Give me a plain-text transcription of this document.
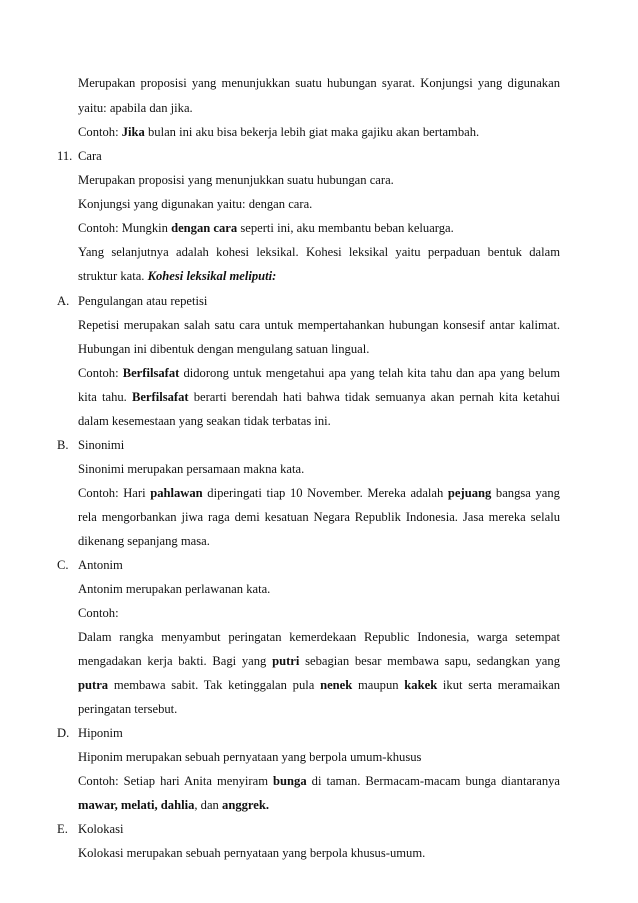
Merupakan proposisi yang menunjukkan suatu hubungan syarat. Konjungsi yang digunakan
yaitu: apabila dan jika.
Contoh: Jika bulan ini aku bisa bekerja lebih giat maka gajiku akan bertambah.
11. Cara
Merupakan proposisi yang menunjukkan suatu hubungan cara.
Konjungsi yang digunakan yaitu: dengan cara.
Contoh: Mungkin dengan cara seperti ini, aku membantu beban keluarga.
Yang selanjutnya adalah kohesi leksikal. Kohesi leksikal yaitu perpaduan bentuk dalam
struktur kata. Kohesi leksikal meliputi:
A. Pengulangan atau repetisi
Repetisi merupakan salah satu cara untuk mempertahankan hubungan konsesif antar kalimat.
Hubungan ini dibentuk dengan mengulang satuan lingual.
Contoh: Berfilsafat didorong untuk mengetahui apa yang telah kita tahu dan apa yang belum
kita tahu. Berfilsafat berarti berendah hati bahwa tidak semuanya akan pernah kita ketahui
dalam kesemestaan yang seakan tidak terbatas ini.
B. Sinonimi
Sinonimi merupakan persamaan makna kata.
Contoh: Hari pahlawan diperingati tiap 10 November. Mereka adalah pejuang bangsa yang
rela mengorbankan jiwa raga demi kesatuan Negara Republik Indonesia. Jasa mereka selalu
dikenang sepanjang masa.
C. Antonim
Antonim merupakan perlawanan kata.
Contoh:
Dalam rangka menyambut peringatan kemerdekaan Republic Indonesia, warga setempat
mengadakan kerja bakti. Bagi yang putri sebagian besar membawa sapu, sedangkan yang
putra membawa sabit. Tak ketinggalan pula nenek maupun kakek ikut serta meramaikan
peringatan tersebut.
D. Hiponim
Hiponim merupakan sebuah pernyataan yang berpola umum-khusus
Contoh: Setiap hari Anita menyiram bunga di taman. Bermacam-macam bunga diantaranya
mawar, melati, dahlia, dan anggrek.
E. Kolokasi
Kolokasi merupakan sebuah pernyataan yang berpola khusus-umum.
